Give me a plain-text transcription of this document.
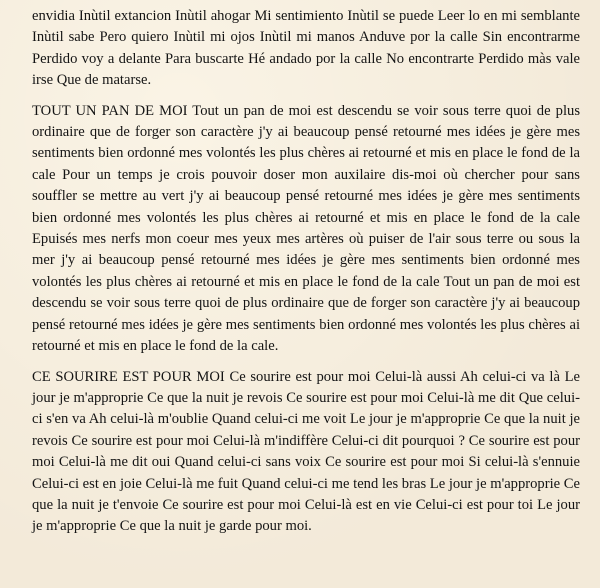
envidia Inùtil extancion Inùtil ahogar Mi sentimiento Inùtil se puede Leer lo en mi semblante Inùtil sabe Pero quiero Inùtil mi ojos Inùtil mi manos Anduve por la calle Sin encontrarme Perdido voy a delante Para buscarte Hé andado por la calle No encontrarte Perdido màs vale irse Que de matarse.

TOUT UN PAN DE MOI Tout un pan de moi est descendu se voir sous terre quoi de plus ordinaire que de forger son caractère j'y ai beaucoup pensé retourné mes idées je gère mes sentiments bien ordonné mes volontés les plus chères ai retourné et mis en place le fond de la cale Pour un temps je crois pouvoir doser mon auxilaire dis-moi où chercher pour sans souffler se mettre au vert j'y ai beaucoup pensé retourné mes idées je gère mes sentiments bien ordonné mes volontés les plus chères ai retourné et mis en place le fond de la cale Epuisés mes nerfs mon coeur mes yeux mes artères où puiser de l'air sous terre ou sous la mer j'y ai beaucoup pensé retourné mes idées je gère mes sentiments bien ordonné mes volontés les plus chères ai retourné et mis en place le fond de la cale Tout un pan de moi est descendu se voir sous terre quoi de plus ordinaire que de forger son caractère j'y ai beaucoup pensé retourné mes idées je gère mes sentiments bien ordonné mes volontés les plus chères ai retourné et mis en place le fond de la cale.

CE SOURIRE EST POUR MOI Ce sourire est pour moi Celui-là aussi Ah celui-ci va là Le jour je m'approprie Ce que la nuit je revois Ce sourire est pour moi Celui-là me dit Que celui-ci s'en va Ah celui-là m'oublie Quand celui-ci me voit Le jour je m'approprie Ce que la nuit je revois Ce sourire est pour moi Celui-là m'indiffère Celui-ci dit pourquoi ? Ce sourire est pour moi Celui-là me dit oui Quand celui-ci sans voix Ce sourire est pour moi Si celui-là s'ennuie Celui-ci est en joie Celui-là me fuit Quand celui-ci me tend les bras Le jour je m'approprie Ce que la nuit je t'envoie Ce sourire est pour moi Celui-là est en vie Celui-ci est pour toi Le jour je m'approprie Ce que la nuit je garde pour moi.
